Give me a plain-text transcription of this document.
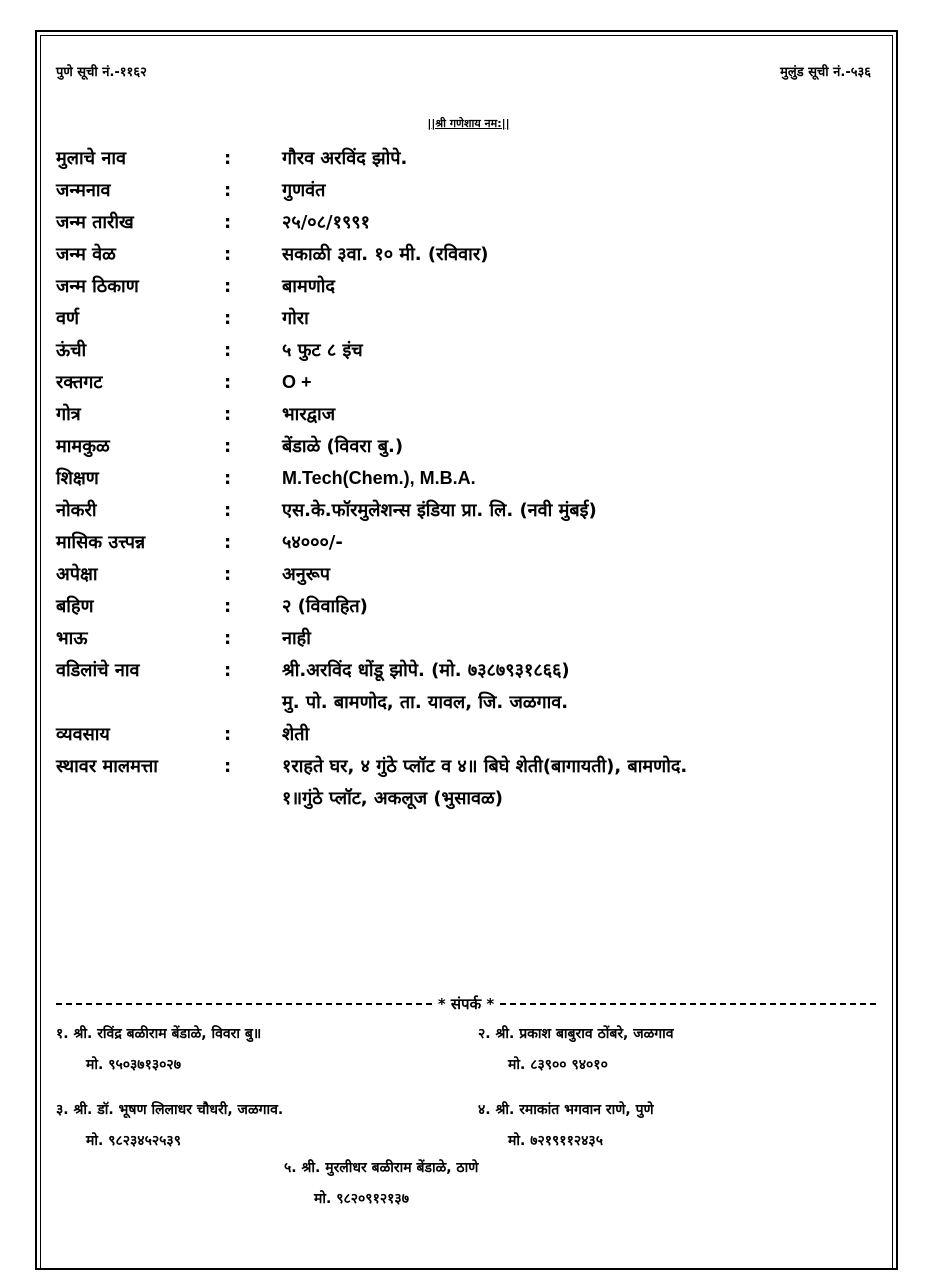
पुणे सूची नं.-११६२	मुलुंड सूची नं.-५३६
||श्री गणेशाय नम:||
मुलाचे नाव	:	गौरव अरविंद झोपे.
जन्मनाव	:	गुणवंत
जन्म तारीख	:	२५/०८/१९९१
जन्म वेळ	:	सकाळी ३वा. १० मी. (रविवार)
जन्म ठिकाण	:	बामणोद
वर्ण	:	गोरा
ऊंची	:	५ फुट ८ इंच
रक्तगट	:	O +
गोत्र	:	भारद्वाज
मामकुळ	:	बेंडाळे (विवरा बु.)
शिक्षण	:	M.Tech(Chem.), M.B.A.
नोकरी	:	एस.के.फॉरमुलेशन्स इंडिया प्रा. लि. (नवी मुंबई)
मासिक उत्त्पन्न	:	५४०००/-
अपेक्षा	:	अनुरूप
बहिण	:	२ (विवाहित)
भाऊ	:	नाही
वडिलांचे नाव	:	श्री.अरविंद धोंडू झोपे. (मो. ७३८७९३१८६६)
मु. पो. बामणोद, ता. यावल, जि. जळगाव.
व्यवसाय	:	शेती
स्थावर मालमत्ता	:	१राहते घर, ४ गुंठे प्लॉट व ४॥ बिघे शेती(बागायती), बामणोद.
१॥गुंठे प्लॉट, अकलूज (भुसावळ)
* संपर्क *
१. श्री. रविंद्र बळीराम बेंडाळे, विवरा बु॥
मो. ९५०३७१३०२७
२. श्री. प्रकाश बाबुराव ठोंबरे, जळगाव
मो. ८३९०० ९४०१०
३. श्री. डॉ. भूषण लिलाधर चौधरी, जळगाव.
मो. ९८२३४५२५३९
४. श्री. रमाकांत भगवान राणे, पुणे
मो. ७२१९११२४३५
५. श्री. मुरलीधर बळीराम बेंडाळे, ठाणे
मो. ९८२०९१२१३७
